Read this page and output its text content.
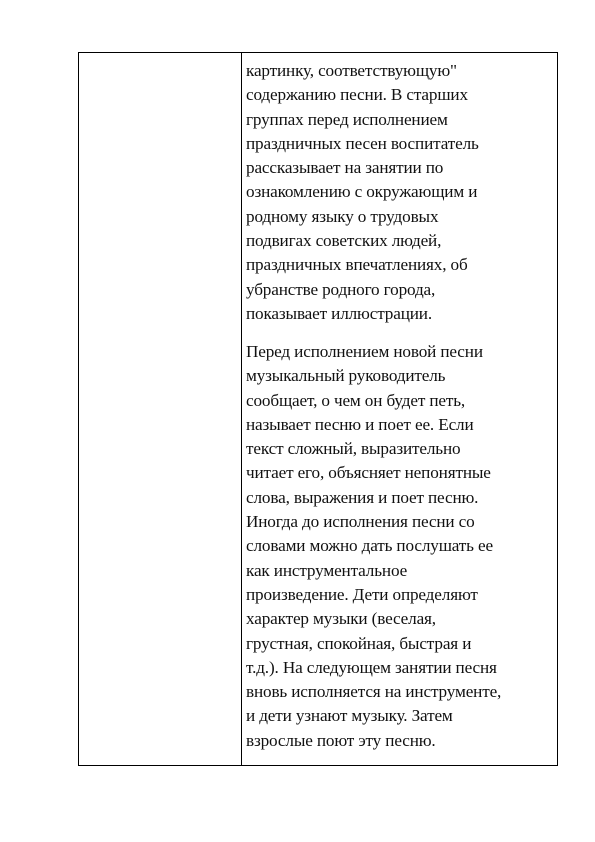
картинку, соответствующую"
содержанию песни. В старших
группах перед исполнением
праздничных песен воспитатель
рассказывает на занятии по
ознакомлению с окружающим и
родному языку о трудовых
подвигах советских людей,
праздничных впечатлениях, об
убранстве родного города,
показывает иллюстрации.

Перед исполнением новой песни
музыкальный руководитель
сообщает, о чем он будет петь,
называет песню и поет ее. Если
текст сложный, выразительно
читает его, объясняет непонятные
слова, выражения и поет песню.
Иногда до исполнения песни со
словами можно дать послушать ее
как инструментальное
произведение. Дети определяют
характер музыки (веселая,
грустная, спокойная, быстрая и
т.д.). На следующем занятии песня
вновь исполняется на инструменте,
и дети узнают музыку. Затем
взрослые поют эту песню.
